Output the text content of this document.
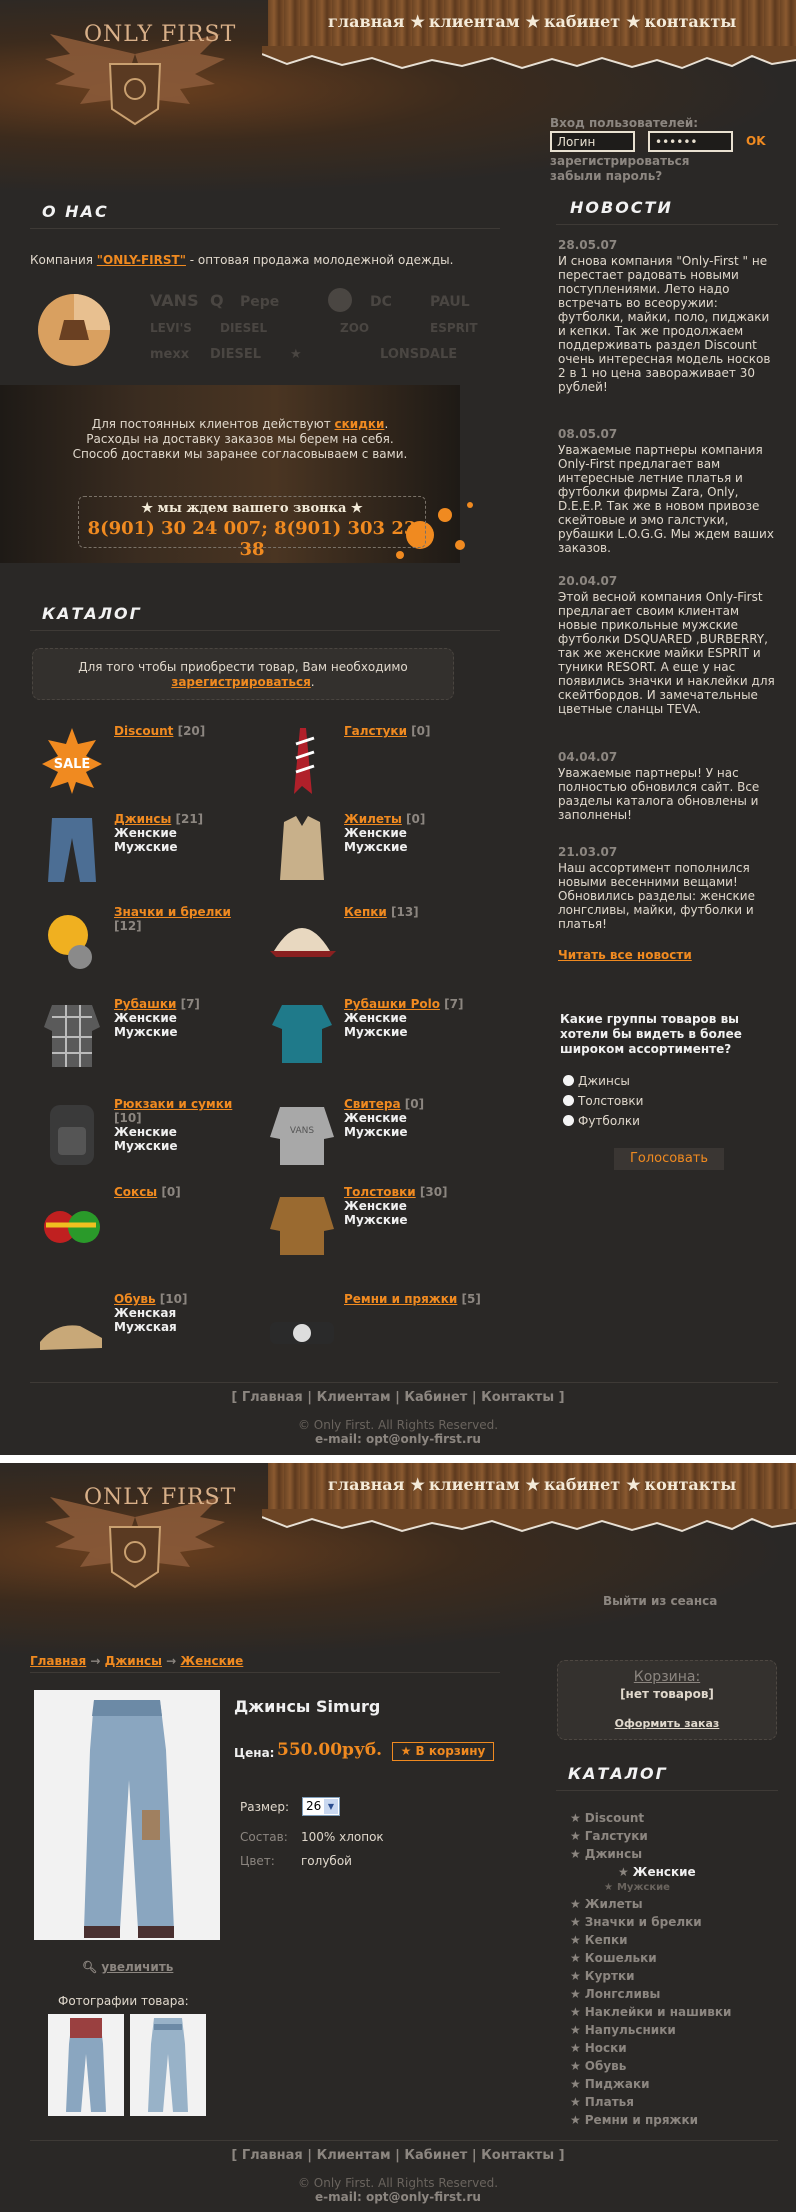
главная ★ клиентам ★ кабинет ★ контакты
ONLY FIRST
Вход пользователей:
Логин	••••••	OK
зарегистрироваться
забыли пароль?
О НАС
Компания "ONLY-FIRST" - оптовая продажа молодежной одежды.
VANS Q Pepe	DC	PAUL
LEVI'S DIESEL	ZOO	ESPRIT
mexx DIESEL ★	LONSDALE
Для постоянных клиентов действуют скидки.
Расходы на доставку заказов мы берем на себя.
Способ доставки мы заранее согласовываем с вами.
★ мы ждем вашего звонка ★
8(901) 30 24 007; 8(901) 303 23 38
КАТАЛОГ
Для того чтобы приобрести товар, Вам необходимо
зарегистрироваться.
SALE
Discount [20]	Галстуки [0]
Джинсы [21]
Женские
Мужские
Жилеты [0]
Женские
Мужские
Значки и брелки [12]
Кепки [13]
Рубашки [7]
Женские
Мужские
Рубашки Polo [7]
Женские
Мужские
Рюкзаки и сумки [10]
Женские
Мужские
VANS
Свитера [0]
Женские
Мужские
Соксы [0]	Толстовки [30]
Женские
Мужские
Обувь [10]
Женская
Мужская
Ремни и пряжки [5]
НОВОСТИ
28.05.07
И снова компания "Only-First " не перестает радовать новыми поступлениями. Лето надо встречать во всеоружии: футболки, майки, поло, пиджаки и кепки. Так же продолжаем поддерживать раздел Discount очень интересная модель носков 2 в 1 но цена завораживает 30 рублей!
08.05.07
Уважаемые партнеры компания Only-First предлагает вам интересные летние платья и футболки фирмы Zara, Only, D.E.E.P. Так же в новом привозе скейтовые и эмо галстуки, рубашки L.O.G.G. Мы ждем ваших заказов.
20.04.07
Этой весной компания Only-First предлагает своим клиентам новые прикольные мужские футболки DSQUARED ,BURBERRY, так же женские майки ESPRIT и туники RESORT. А еще у нас появились значки и наклейки для скейтбордов. И замечательные цветные сланцы TEVA.
04.04.07
Уважаемые партнеры! У нас полностью обновился сайт. Все разделы каталога обновлены и заполнены!
21.03.07
Наш ассортимент пополнился новыми весенними вещами! Обновились разделы: женские лонгсливы, майки, футболки и платья!
Читать все новости
Какие группы товаров вы хотели бы видеть в более широком ассортименте?
Джинсы
Толстовки
Футболки
Голосовать
[ Главная | Клиентам | Кабинет | Контакты ]
© Only First. All Rights Reserved.
e-mail: opt@only-first.ru
главная ★ клиентам ★ кабинет ★ контакты
ONLY FIRST
Выйти из сеанса
Главная → Джинсы → Женские
🔍︎ увеличить
Фотографии товара:
Джинсы Simurg
Цена: 550.00руб.	★ В корзину
Размер:	26 ▼
Состав: 100% хлопок
Цвет: голубой
Корзина:
[нет товаров]
Оформить заказ
КАТАЛОГ
★ Discount
★ Галстуки
★ Джинсы
★ Женские
★ Мужские
★ Жилеты
★ Значки и брелки
★ Кепки
★ Кошельки
★ Куртки
★ Лонгсливы
★ Наклейки и нашивки
★ Напульсники
★ Носки
★ Обувь
★ Пиджаки
★ Платья
★ Ремни и пряжки
[ Главная | Клиентам | Кабинет | Контакты ]
© Only First. All Rights Reserved.
e-mail: opt@only-first.ru
